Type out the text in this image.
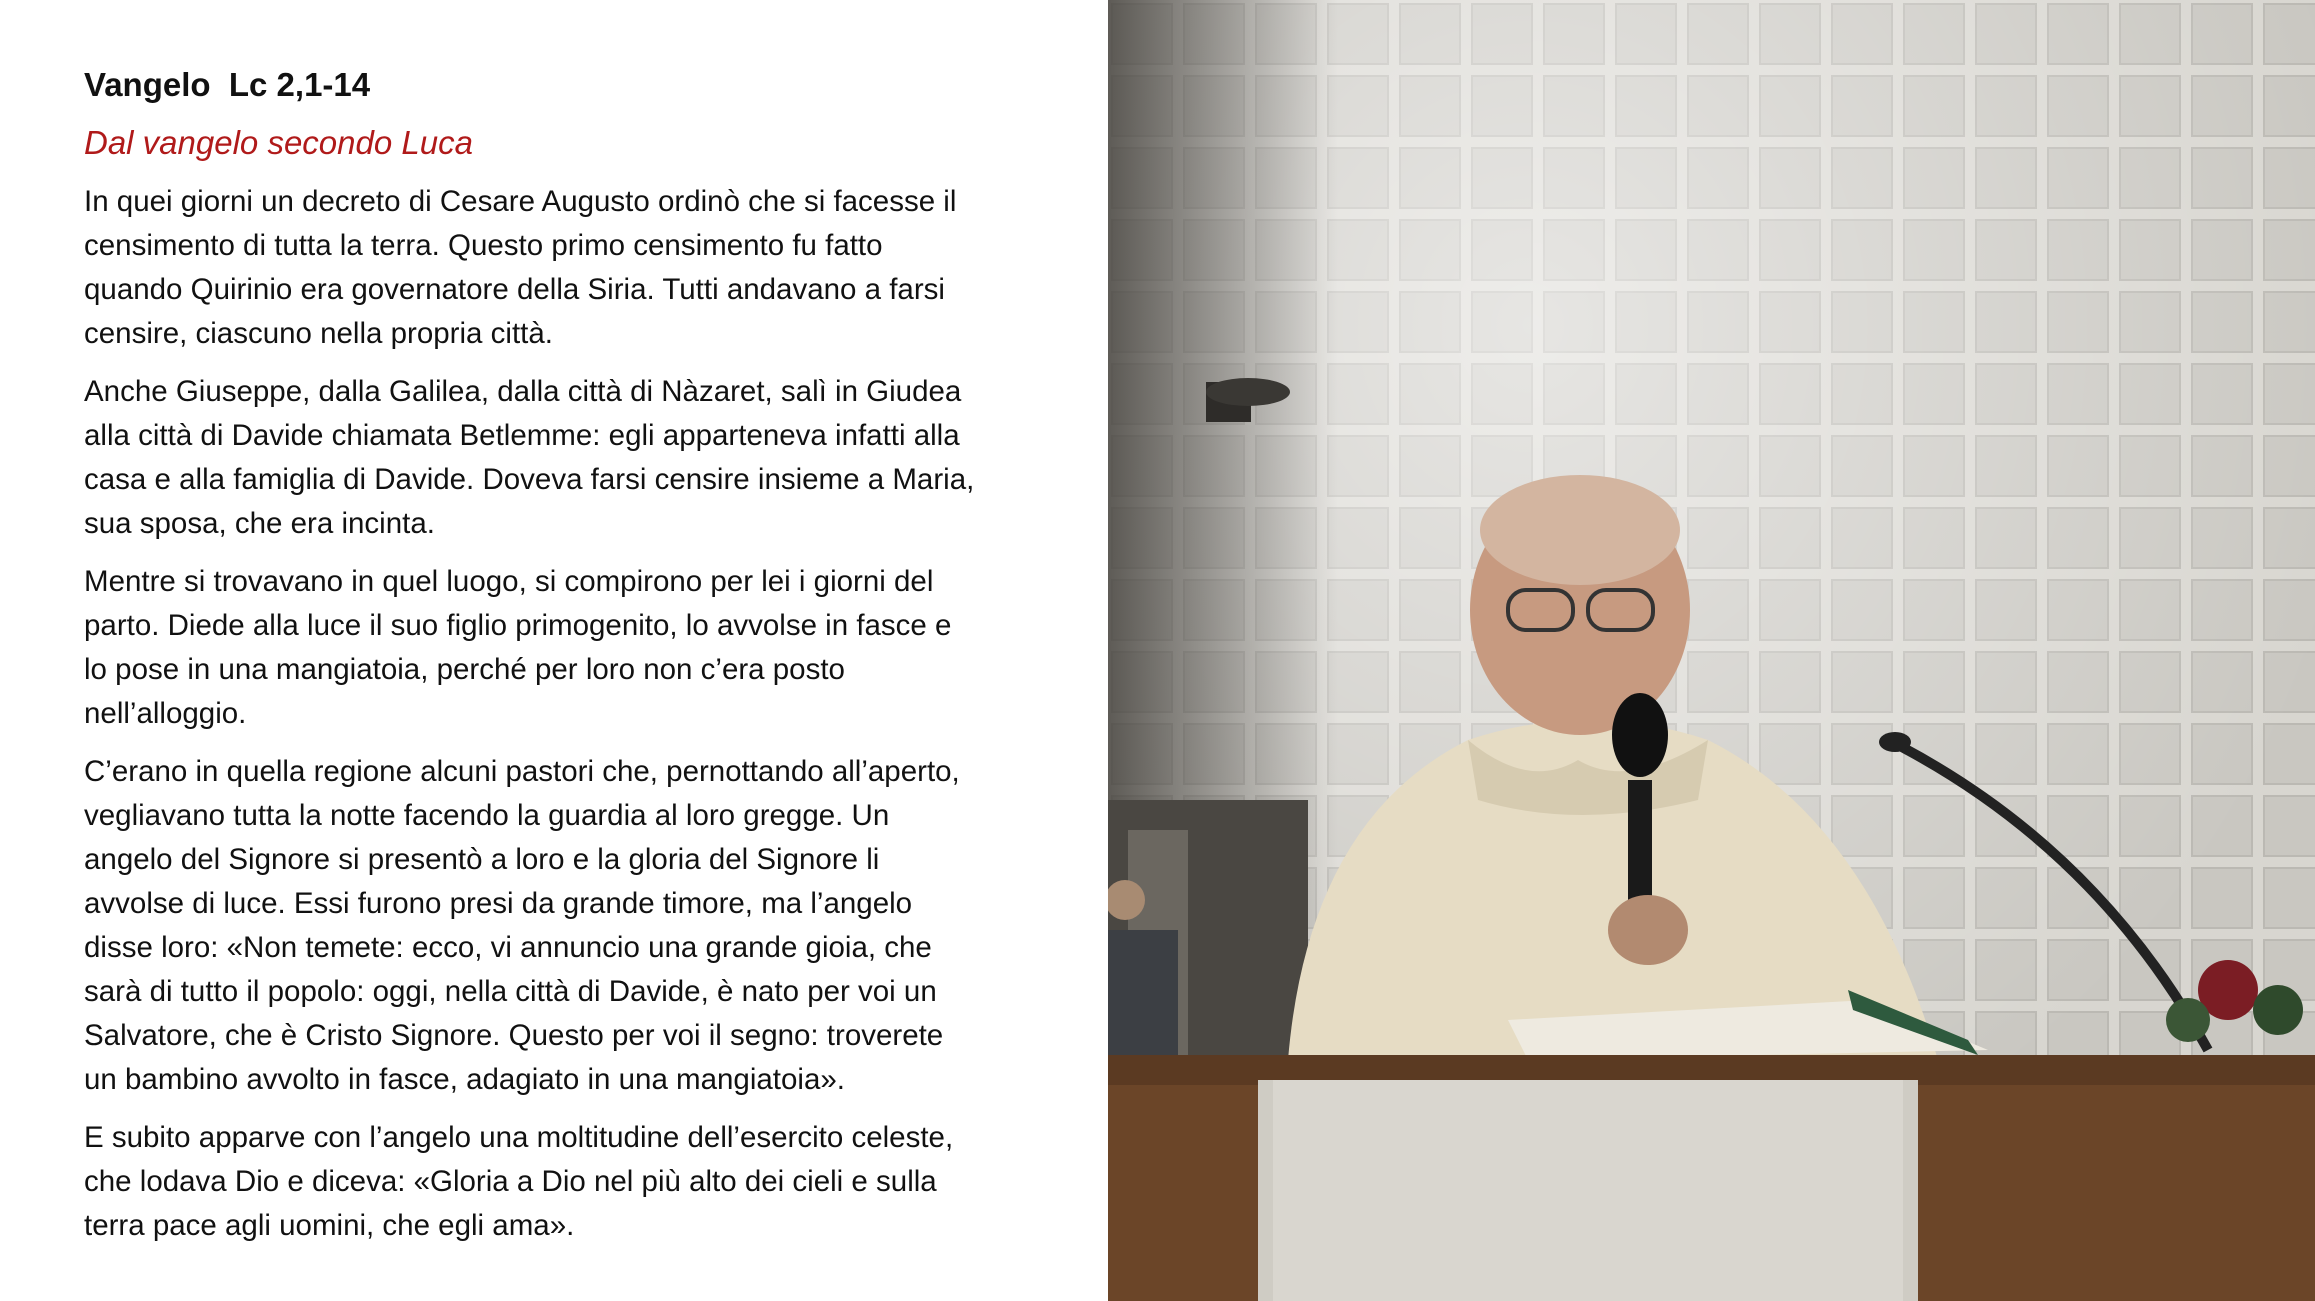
Vangelo  Lc 2,1-14
Dal vangelo secondo Luca
In quei giorni un decreto di Cesare Augusto ordinò che si facesse il
censimento di tutta la terra. Questo primo censimento fu fatto
quando Quirinio era governatore della Siria. Tutti andavano a farsi
censire, ciascuno nella propria città.
Anche Giuseppe, dalla Galilea, dalla città di Nàzaret, salì in Giudea
alla città di Davide chiamata Betlemme: egli apparteneva infatti alla
casa e alla famiglia di Davide. Doveva farsi censire insieme a Maria,
sua sposa, che era incinta.
Mentre si trovavano in quel luogo, si compirono per lei i giorni del
parto. Diede alla luce il suo figlio primogenito, lo avvolse in fasce e
lo pose in una mangiatoia, perché per loro non c’era posto
nell’alloggio.
C’erano in quella regione alcuni pastori che, pernottando all’aperto,
vegliavano tutta la notte facendo la guardia al loro gregge. Un
angelo del Signore si presentò a loro e la gloria del Signore li
avvolse di luce. Essi furono presi da grande timore, ma l’angelo
disse loro: «Non temete: ecco, vi annuncio una grande gioia, che
sarà di tutto il popolo: oggi, nella città di Davide, è nato per voi un
Salvatore, che è Cristo Signore. Questo per voi il segno: troverete
un bambino avvolto in fasce, adagiato in una mangiatoia».
E subito apparve con l’angelo una moltitudine dell’esercito celeste,
che lodava Dio e diceva: «Gloria a Dio nel più alto dei cieli e sulla
terra pace agli uomini, che egli ama».
